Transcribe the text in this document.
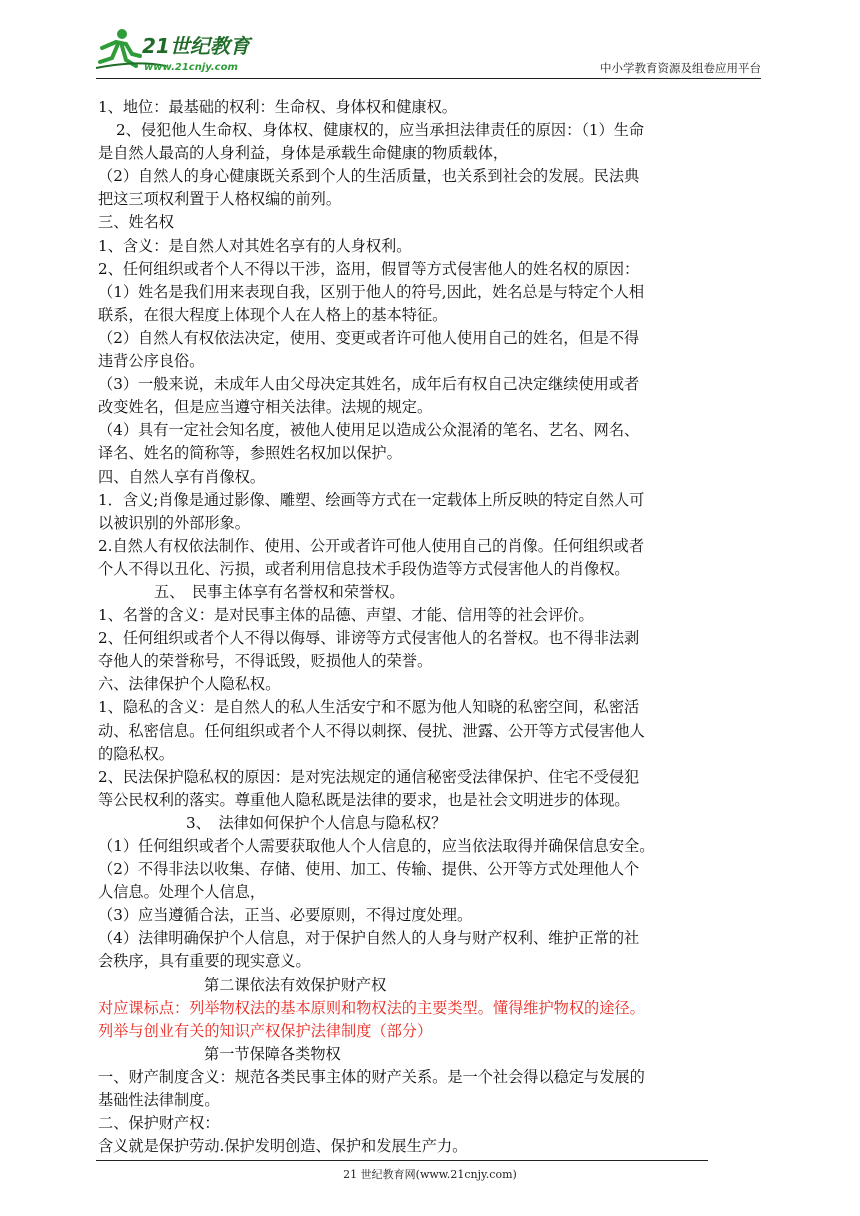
21世纪教育
www.21cnjy.com	中小学教育资源及组卷应用平台
1、地位：最基础的权利：生命权、身体权和健康权。
2、侵犯他人生命权、身体权、健康权的，应当承担法律责任的原因：（1）生命
是自然人最高的人身利益，身体是承载生命健康的物质载体，
（2）自然人的身心健康既关系到个人的生活质量，也关系到社会的发展。民法典
把这三项权利置于人格权编的前列。
三、姓名权
1、含义：是自然人对其姓名享有的人身权利。
2、任何组织或者个人不得以干涉，盗用，假冒等方式侵害他人的姓名权的原因：
（1）姓名是我们用来表现自我，区别于他人的符号,因此，姓名总是与特定个人相
联系，在很大程度上体现个人在人格上的基本特征。
（2）自然人有权依法决定，使用、变更或者许可他人使用自己的姓名，但是不得
违背公序良俗。
（3）一般来说，未成年人由父母决定其姓名，成年后有权自己决定继续使用或者
改变姓名，但是应当遵守相关法律。法规的规定。
（4）具有一定社会知名度，被他人使用足以造成公众混淆的笔名、艺名、网名、
译名、姓名的简称等，参照姓名权加以保护。
四、自然人享有肖像权。
1．含义;肖像是通过影像、雕塑、绘画等方式在一定载体上所反映的特定自然人可
以被识别的外部形象。
2.自然人有权依法制作、使用、公开或者许可他人使用自己的肖像。任何组织或者
个人不得以丑化、污损，或者利用信息技术手段伪造等方式侵害他人的肖像权。
五、　民事主体享有名誉权和荣誉权。
1、名誉的含义：是对民事主体的品德、声望、才能、信用等的社会评价。
2、任何组织或者个人不得以侮辱、诽谤等方式侵害他人的名誉权。也不得非法剥
夺他人的荣誉称号，不得诋毁，贬损他人的荣誉。
六、法律保护个人隐私权。
1、隐私的含义：是自然人的私人生活安宁和不愿为他人知晓的私密空间，私密活
动、私密信息。任何组织或者个人不得以刺探、侵扰、泄露、公开等方式侵害他人
的隐私权。
2、民法保护隐私权的原因：是对宪法规定的通信秘密受法律保护、住宅不受侵犯
等公民权利的落实。尊重他人隐私既是法律的要求，也是社会文明进步的体现。
3、　法律如何保护个人信息与隐私权？
（1）任何组织或者个人需要获取他人个人信息的，应当依法取得并确保信息安全。
（2）不得非法以收集、存储、使用、加工、传输、提供、公开等方式处理他人个
人信息。处理个人信息，
（3）应当遵循合法，正当、必要原则，不得过度处理。
（4）法律明确保护个人信息，对于保护自然人的人身与财产权利、维护正常的社
会秩序，具有重要的现实意义。
第二课依法有效保护财产权
对应课标点：列举物权法的基本原则和物权法的主要类型。懂得维护物权的途径。
列举与创业有关的知识产权保护法律制度（部分）
第一节保障各类物权
一、财产制度含义：规范各类民事主体的财产关系。是一个社会得以稳定与发展的
基础性法律制度。
二、保护财产权：
含义就是保护劳动.保护发明创造、保护和发展生产力。
21 世纪教育网(www.21cnjy.com)
